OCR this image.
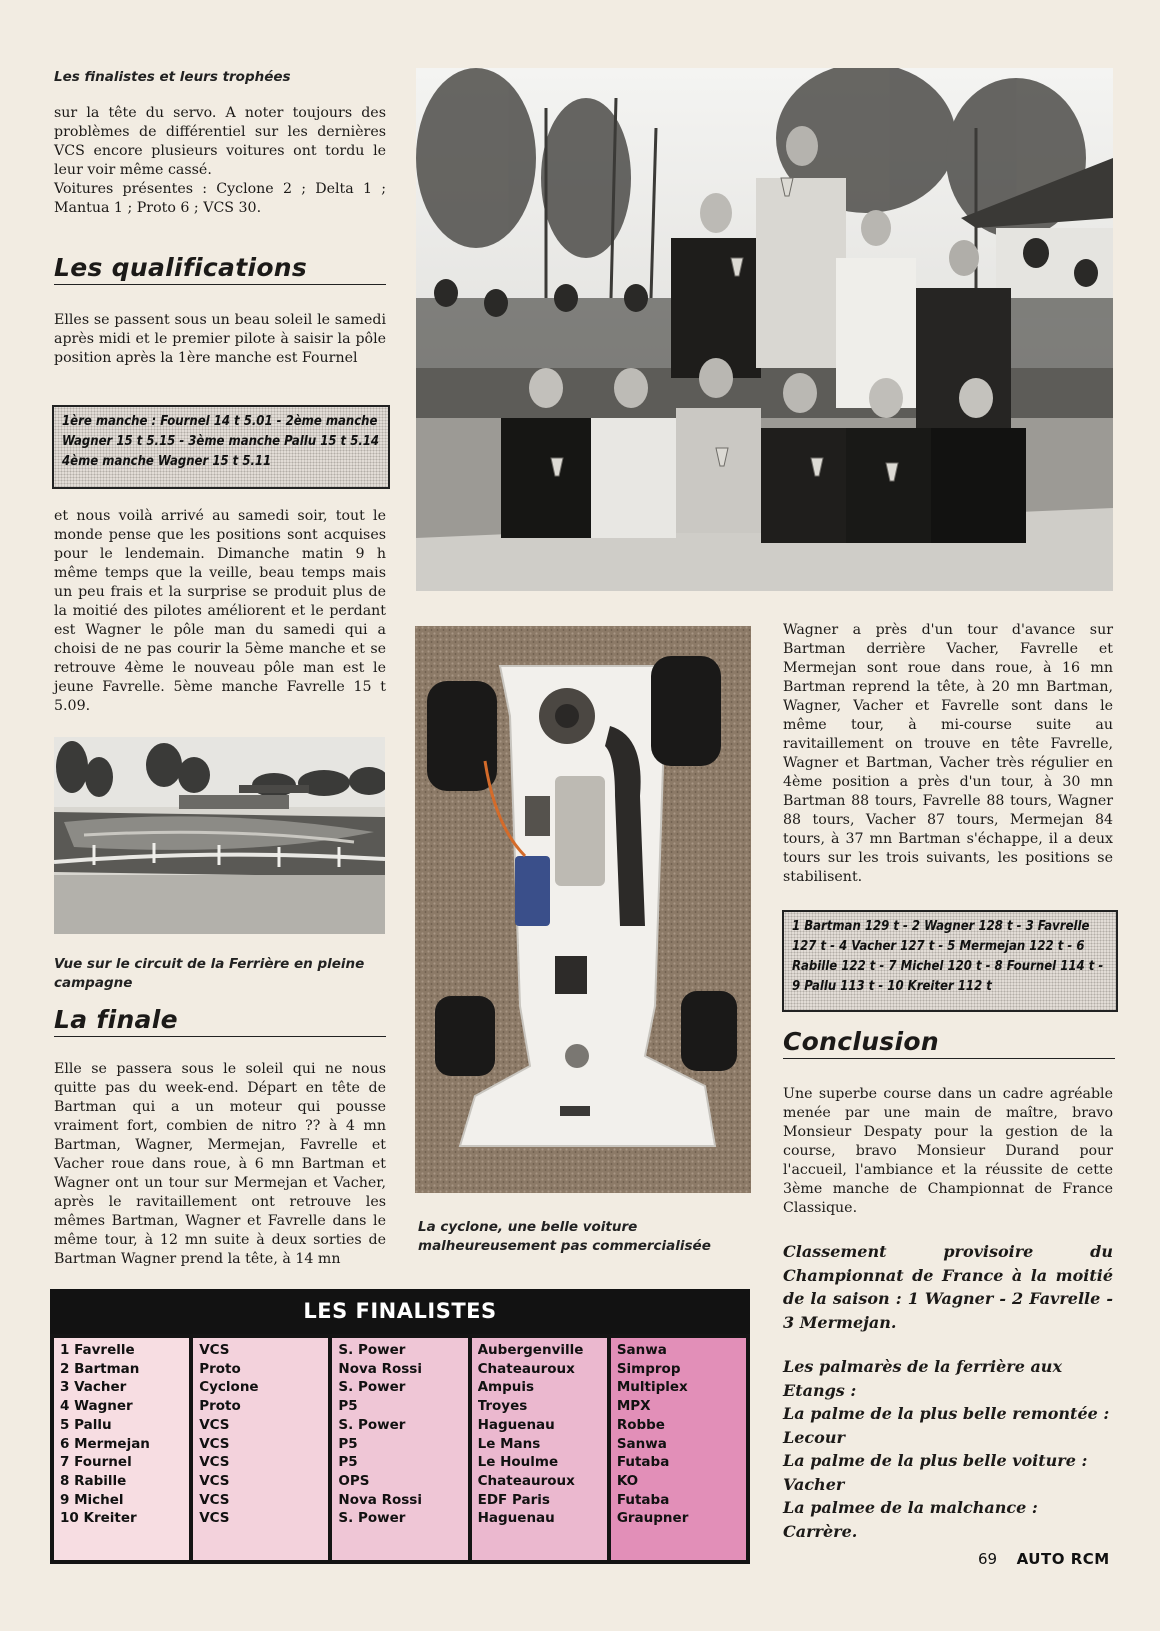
Les finalistes et leurs trophées
sur la tête du servo. A noter toujours des problèmes de différentiel sur les dernières VCS encore plusieurs voitures ont tordu le leur voir même cassé.
Voitures présentes : Cyclone 2 ; Delta 1 ; Mantua 1 ; Proto 6 ; VCS 30.
Les qualifications
Elles se passent sous un beau soleil le samedi après midi et le premier pilote à saisir la pôle position après la 1ère manche est Fournel
1ère manche : Fournel 14 t 5.01 - 2ème manche Wagner 15 t 5.15 - 3ème manche Pallu 15 t 5.14 4ème manche Wagner 15 t 5.11
et nous voilà arrivé au samedi soir, tout le monde pense que les positions sont acquises pour le lendemain. Dimanche matin 9 h même temps que la veille, beau temps mais un peu frais et la surprise se produit plus de la moitié des pilotes améliorent et le perdant est Wagner le pôle man du samedi qui a choisi de ne pas courir la 5ème manche et se retrouve 4ème le nouveau pôle man est le jeune Favrelle. 5ème manche Favrelle 15 t 5.09.
Vue sur le circuit de la Ferrière en pleine campagne
La finale
Elle se passera sous le soleil qui ne nous quitte pas du week-end. Départ en tête de Bartman qui a un moteur qui pousse vraiment fort, combien de nitro ?? à 4 mn Bartman, Wagner, Mermejan, Favrelle et Vacher roue dans roue, à 6 mn Bartman et Wagner ont un tour sur Mermejan et Vacher, après le ravitaillement ont retrouve les mêmes Bartman, Wagner et Favrelle dans le même tour, à 12 mn suite à deux sorties de Bartman Wagner prend la tête, à 14 mn
La cyclone, une belle voiture malheureusement pas commercialisée
Wagner a près d'un tour d'avance sur Bartman derrière Vacher, Favrelle et Mermejan sont roue dans roue, à 16 mn Bartman reprend la tête, à 20 mn Bartman, Wagner, Vacher et Favrelle sont dans le même tour, à mi-course suite au ravitaillement on trouve en tête Favrelle, Wagner et Bartman, Vacher très régulier en 4ème position a près d'un tour, à 30 mn Bartman 88 tours, Favrelle 88 tours, Wagner 88 tours, Vacher 87 tours, Mermejan 84 tours, à 37 mn Bartman s'échappe, il a deux tours sur les trois suivants, les positions se stabilisent.
1 Bartman 129 t - 2 Wagner 128 t - 3 Favrelle 127 t - 4 Vacher 127 t - 5 Mermejan 122 t - 6 Rabille 122 t - 7 Michel 120 t - 8 Fournel 114 t - 9 Pallu 113 t - 10 Kreiter 112 t
Conclusion
Une superbe course dans un cadre agréable menée par une main de maître, bravo Monsieur Despaty pour la gestion de la course, bravo Monsieur Durand pour l'accueil, l'ambiance et la réussite de cette 3ème manche de Championnat de France Classique.
Classement provisoire du Championnat de France à la moitié de la saison : 1 Wagner - 2 Favrelle - 3 Mermejan.
Les palmarès de la ferrière aux Etangs :
La palme de la plus belle remontée : Lecour
La palme de la plus belle voiture : Vacher
La palmee de la malchance : Carrère.
LES FINALISTES
1 Favrelle
2 Bartman
3 Vacher
4 Wagner
5 Pallu
6 Mermejan
7 Fournel
8 Rabille
9 Michel
10 Kreiter
VCS
Proto
Cyclone
Proto
VCS
VCS
VCS
VCS
VCS
VCS
S. Power
Nova Rossi
S. Power
P5
S. Power
P5
P5
OPS
Nova Rossi
S. Power
Aubergenville
Chateauroux
Ampuis
Troyes
Haguenau
Le Mans
Le Houlme
Chateauroux
EDF Paris
Haguenau
Sanwa
Simprop
Multiplex
MPX
Robbe
Sanwa
Futaba
KO
Futaba
Graupner
69 AUTO RCM
